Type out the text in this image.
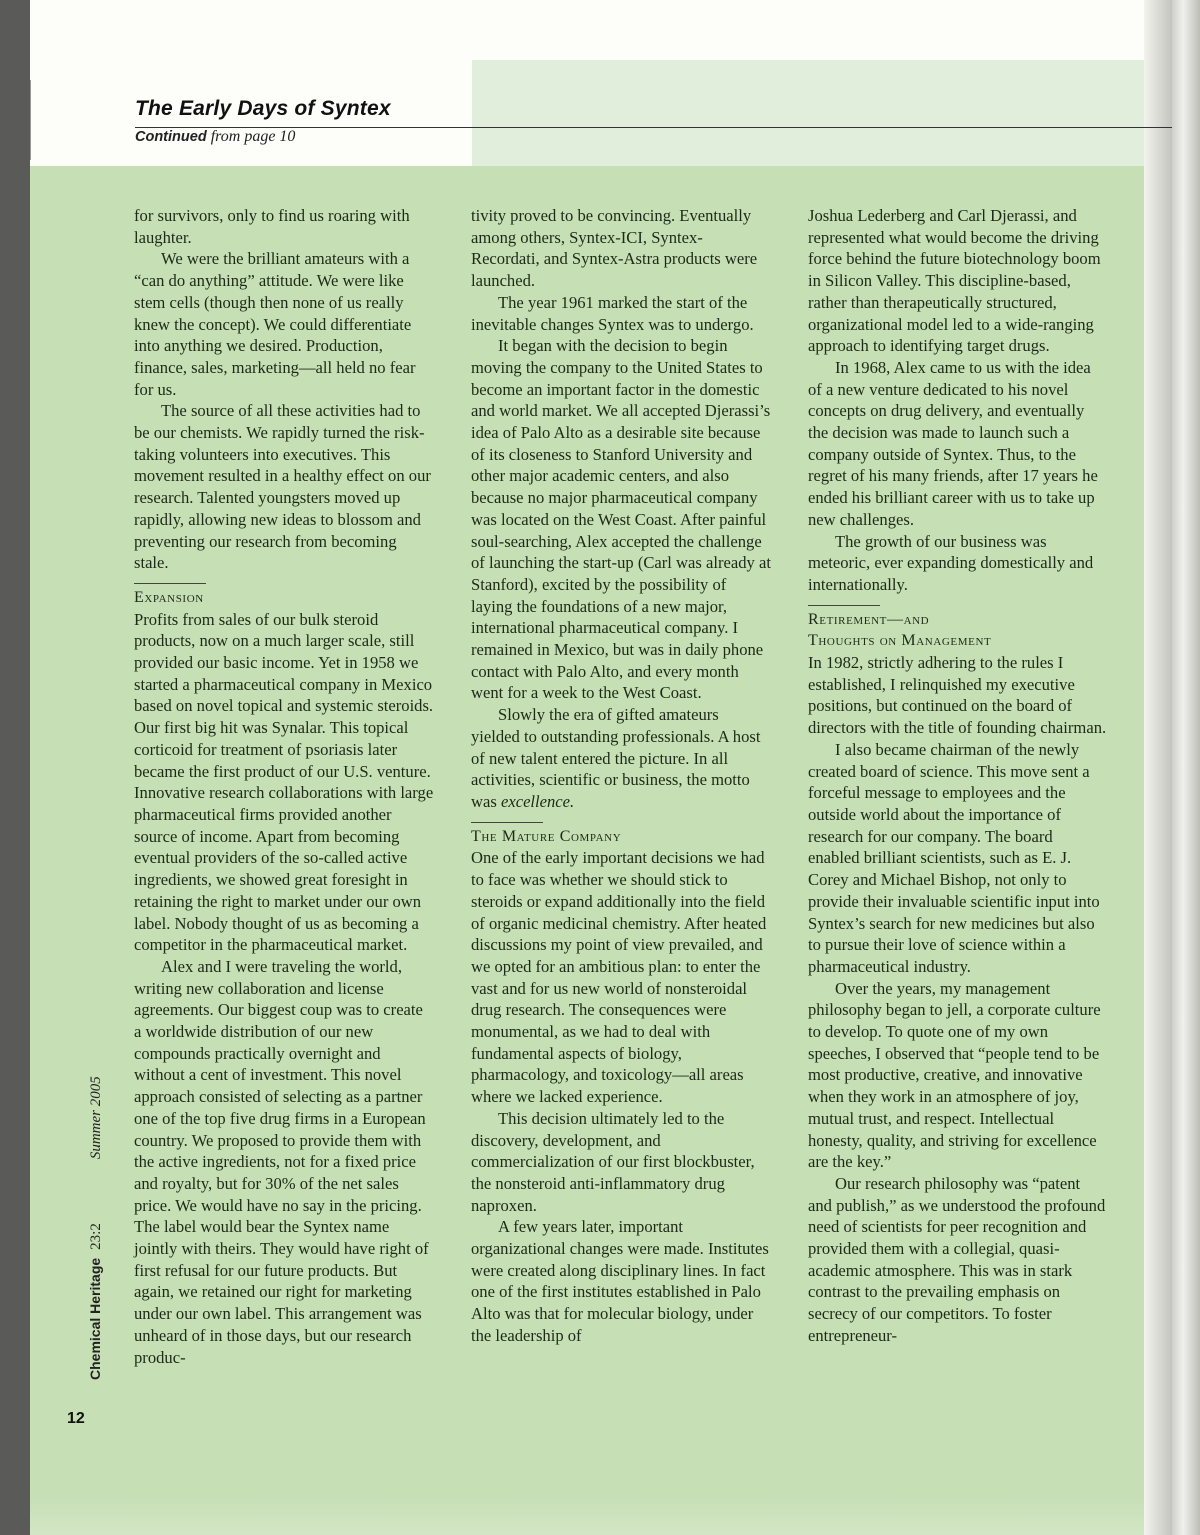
The Early Days of Syntex
Continued from page 10
Chemical Heritage 23:2 Summer 2005
12

for survivors, only to find us roaring with laughter.

We were the brilliant amateurs with a “can do anything” attitude. We were like stem cells (though then none of us really knew the concept). We could differentiate into anything we desired. Production, finance, sales, marketing—all held no fear for us.

The source of all these activities had to be our chemists. We rapidly turned the risk-taking volunteers into executives. This movement resulted in a healthy effect on our research. Talented youngsters moved up rapidly, allowing new ideas to blossom and preventing our research from becoming stale.

Expansion

Profits from sales of our bulk steroid products, now on a much larger scale, still provided our basic income. Yet in 1958 we started a pharmaceutical company in Mexico based on novel topical and systemic steroids. Our first big hit was Synalar. This topical corticoid for treatment of psoriasis later became the first product of our U.S. venture. Innovative research collaborations with large pharmaceutical firms provided another source of income. Apart from becoming eventual providers of the so-called active ingredients, we showed great foresight in retaining the right to market under our own label. Nobody thought of us as becoming a competitor in the pharmaceutical market.

Alex and I were traveling the world, writing new collaboration and license agreements. Our biggest coup was to create a worldwide distribution of our new compounds practically overnight and without a cent of investment. This novel approach consisted of selecting as a partner one of the top five drug firms in a European country. We proposed to provide them with the active ingredients, not for a fixed price and royalty, but for 30% of the net sales price. We would have no say in the pricing. The label would bear the Syntex name jointly with theirs. They would have right of first refusal for our future products. But again, we retained our right for marketing under our own label. This arrangement was unheard of in those days, but our research produc-

tivity proved to be convincing. Eventually among others, Syntex-ICI, Syntex-Recordati, and Syntex-Astra products were launched.

The year 1961 marked the start of the inevitable changes Syntex was to undergo.

It began with the decision to begin moving the company to the United States to become an important factor in the domestic and world market. We all accepted Djerassi’s idea of Palo Alto as a desirable site because of its closeness to Stanford University and other major academic centers, and also because no major pharmaceutical company was located on the West Coast. After painful soul-searching, Alex accepted the challenge of launching the start-up (Carl was already at Stanford), excited by the possibility of laying the foundations of a new major, international pharmaceutical company. I remained in Mexico, but was in daily phone contact with Palo Alto, and every month went for a week to the West Coast.

Slowly the era of gifted amateurs yielded to outstanding professionals. A host of new talent entered the picture. In all activities, scientific or business, the motto was excellence.

The Mature Company

One of the early important decisions we had to face was whether we should stick to steroids or expand additionally into the field of organic medicinal chemistry. After heated discussions my point of view prevailed, and we opted for an ambitious plan: to enter the vast and for us new world of nonsteroidal drug research. The consequences were monumental, as we had to deal with fundamental aspects of biology, pharmacology, and toxicology—all areas where we lacked experience.

This decision ultimately led to the discovery, development, and commercialization of our first blockbuster, the nonsteroid anti-inflammatory drug naproxen.

A few years later, important organizational changes were made. Institutes were created along disciplinary lines. In fact one of the first institutes established in Palo Alto was that for molecular biology, under the leadership of

Joshua Lederberg and Carl Djerassi, and represented what would become the driving force behind the future biotechnology boom in Silicon Valley. This discipline-based, rather than therapeutically structured, organizational model led to a wide-ranging approach to identifying target drugs.

In 1968, Alex came to us with the idea of a new venture dedicated to his novel concepts on drug delivery, and eventually the decision was made to launch such a company outside of Syntex. Thus, to the regret of his many friends, after 17 years he ended his brilliant career with us to take up new challenges.

The growth of our business was meteoric, ever expanding domestically and internationally.

Retirement—and
Thoughts on Management

In 1982, strictly adhering to the rules I established, I relinquished my executive positions, but continued on the board of directors with the title of founding chairman.

I also became chairman of the newly created board of science. This move sent a forceful message to employees and the outside world about the importance of research for our company. The board enabled brilliant scientists, such as E. J. Corey and Michael Bishop, not only to provide their invaluable scientific input into Syntex’s search for new medicines but also to pursue their love of science within a pharmaceutical industry.

Over the years, my management philosophy began to jell, a corporate culture to develop. To quote one of my own speeches, I observed that “people tend to be most productive, creative, and innovative when they work in an atmosphere of joy, mutual trust, and respect. Intellectual honesty, quality, and striving for excellence are the key.”

Our research philosophy was “patent and publish,” as we understood the profound need of scientists for peer recognition and provided them with a collegial, quasi-academic atmosphere. This was in stark contrast to the prevailing emphasis on secrecy of our competitors. To foster entrepreneur-
